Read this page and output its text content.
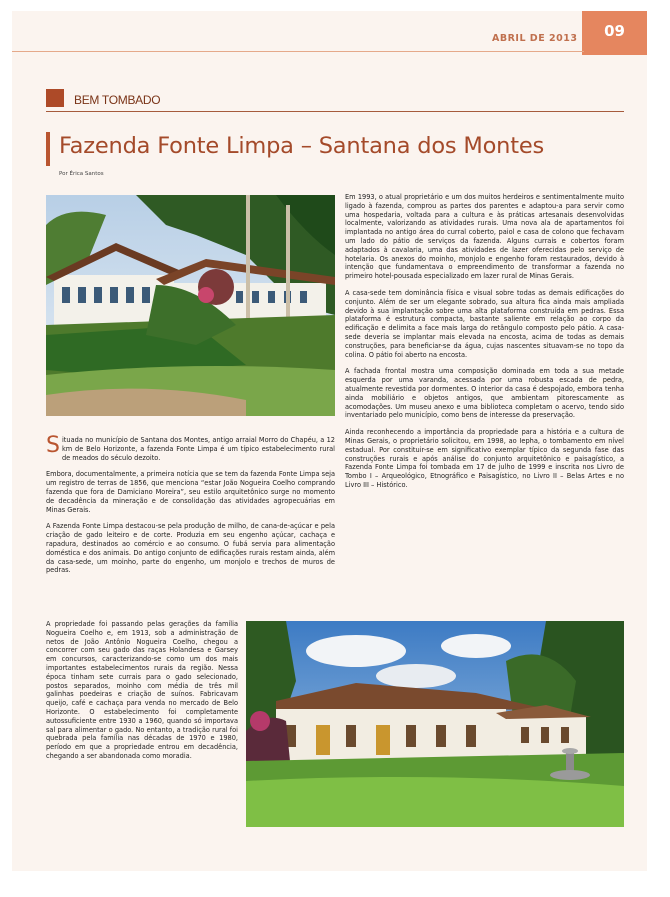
ABRIL DE 2013	09
BEM TOMBADO
Fazenda Fonte Limpa – Santana dos Montes
Por Érica Santos

Situada no município de Santana dos Montes, antigo arraial Morro do Chapéu, a 12 km de Belo Horizonte, a fazenda Fonte Limpa é um típico estabelecimento rural de meados do século dezoito.

Embora, documentalmente, a primeira notícia que se tem da fazenda Fonte Limpa seja um registro de terras de 1856, que menciona “estar João Nogueira Coelho comprando fazenda que fora de Damiciano Moreira”, seu estilo arquitetônico surge no momento de decadência da mineração e de consolidação das atividades agropecuárias em Minas Gerais.

A Fazenda Fonte Limpa destacou-se pela produção de milho, de cana-de-açúcar e pela criação de gado leiteiro e de corte. Produzia em seu engenho açúcar, cachaça e rapadura, destinados ao comércio e ao consumo. O fubá servia para alimentação doméstica e dos animais. Do antigo conjunto de edificações rurais restam ainda, além da casa-sede, um moinho, parte do engenho, um monjolo e trechos de muros de pedras.

A propriedade foi passando pelas gerações da família Nogueira Coelho e, em 1913, sob a administração de netos de João Antônio Nogueira Coelho, chegou a concorrer com seu gado das raças Holandesa e Garsey em concursos, caracterizando-se como um dos mais importantes estabelecimentos rurais da região. Nessa época tinham sete currais para o gado selecionado, postos separados, moinho com média de três mil galinhas poedeiras e criação de suínos. Fabricavam queijo, café e cachaça para venda no mercado de Belo Horizonte. O estabelecimento foi completamente autossuficiente entre 1930 a 1960, quando só importava sal para alimentar o gado. No entanto, a tradição rural foi quebrada pela família nas décadas de 1970 e 1980, período em que a propriedade entrou em decadência, chegando a ser abandonada como moradia.

Em 1993, o atual proprietário e um dos muitos herdeiros e sentimentalmente muito ligado à fazenda, comprou as partes dos parentes e adaptou-a para servir como uma hospedaria, voltada para a cultura e às práticas artesanais desenvolvidas localmente, valorizando as atividades rurais. Uma nova ala de apartamentos foi implantada no antigo área do curral coberto, paiol e casa de colono que fechavam um lado do pátio de serviços da fazenda. Alguns currais e cobertos foram adaptados à cavalaria, uma das atividades de lazer oferecidas pelo serviço de hotelaria. Os anexos do moinho, monjolo e engenho foram restaurados, devido à intenção que fundamentava o empreendimento de transformar a fazenda no primeiro hotel-pousada especializado em lazer rural de Minas Gerais.

A casa-sede tem dominância física e visual sobre todas as demais edificações do conjunto. Além de ser um elegante sobrado, sua altura fica ainda mais ampliada devido à sua implantação sobre uma alta plataforma construída em pedras. Essa plataforma é estrutura compacta, bastante saliente em relação ao corpo da edificação e delimita a face mais larga do retângulo composto pelo pátio. A casa-sede deveria se implantar mais elevada na encosta, acima de todas as demais construções, para beneficiar-se da água, cujas nascentes situavam-se no topo da colina. O pátio foi aberto na encosta.

A fachada frontal mostra uma composição dominada em toda a sua metade esquerda por uma varanda, acessada por uma robusta escada de pedra, atualmente revestida por dormentes. O interior da casa é despojado, embora tenha ainda mobiliário e objetos antigos, que ambientam pitorescamente as acomodações. Um museu anexo e uma biblioteca completam o acervo, tendo sido inventariado pelo município, como bens de interesse da preservação.

Ainda reconhecendo a importância da propriedade para a história e a cultura de Minas Gerais, o proprietário solicitou, em 1998, ao Iepha, o tombamento em nível estadual. Por constituir-se em significativo exemplar típico da segunda fase das construções rurais e após análise do conjunto arquitetônico e paisagístico, a Fazenda Fonte Limpa foi tombada em 17 de julho de 1999 e inscrita nos Livro de Tombo I – Arqueológico, Etnográfico e Paisagístico, no Livro II – Belas Artes e no Livro III – Histórico.
